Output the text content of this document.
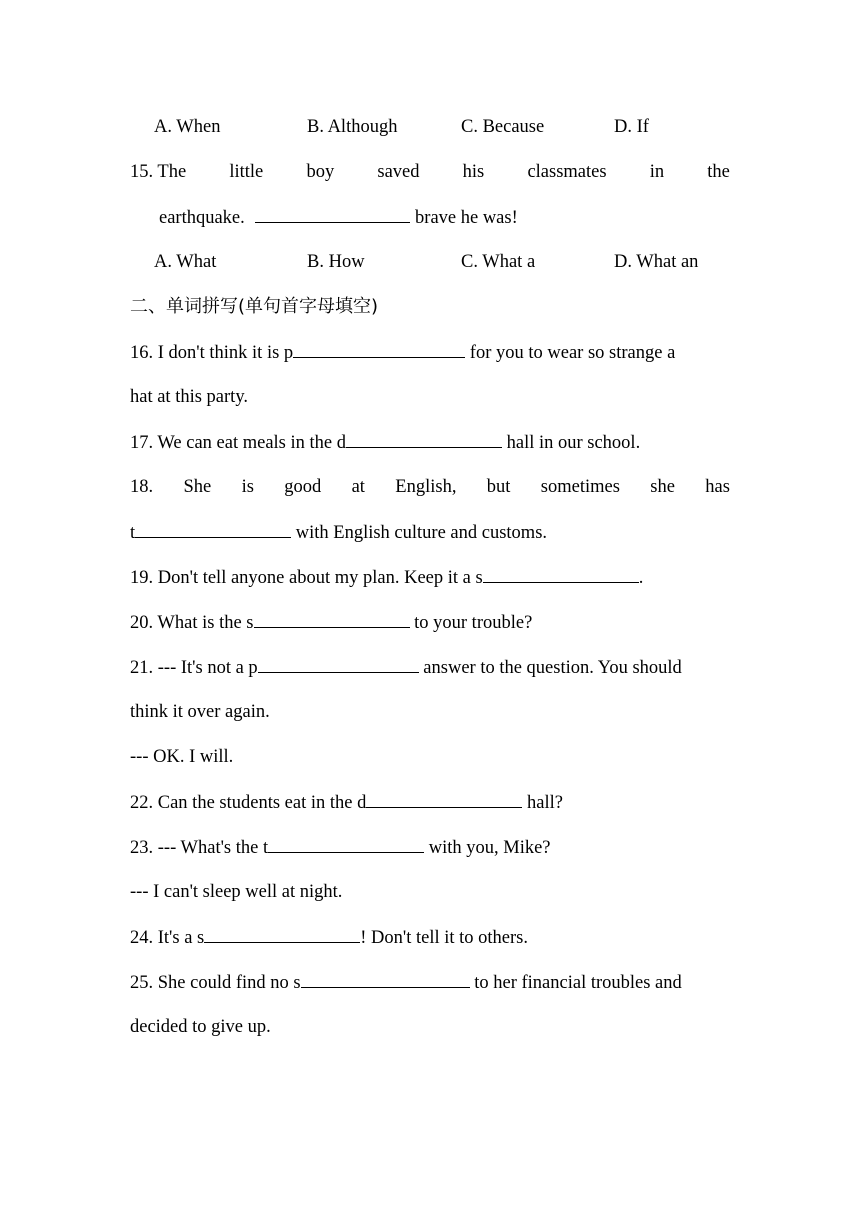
A. When	B. Although	C. Because	D. If
15. The little boy saved his classmates in the
earthquake.	brave he was!
A. What	B. How	C. What a	D. What an
二、单词拼写(单句首字母填空)
16. I don't think it is p	for you to wear so strange a
hat at this party.
17. We can eat meals in the d	hall in our school.
18. She is good at English, but sometimes she has
t	with English culture and customs.
19. Don't tell anyone about my plan. Keep it a s	.
20. What is the s	to your trouble?
21. --- It's not a p	answer to the question. You should
think it over again.
--- OK. I will.
22. Can the students eat in the d	hall?
23. --- What's the t	with you, Mike?
--- I can't sleep well at night.
24. It's a s	! Don't tell it to others.
25. She could find no s	to her financial troubles and
decided to give up.
